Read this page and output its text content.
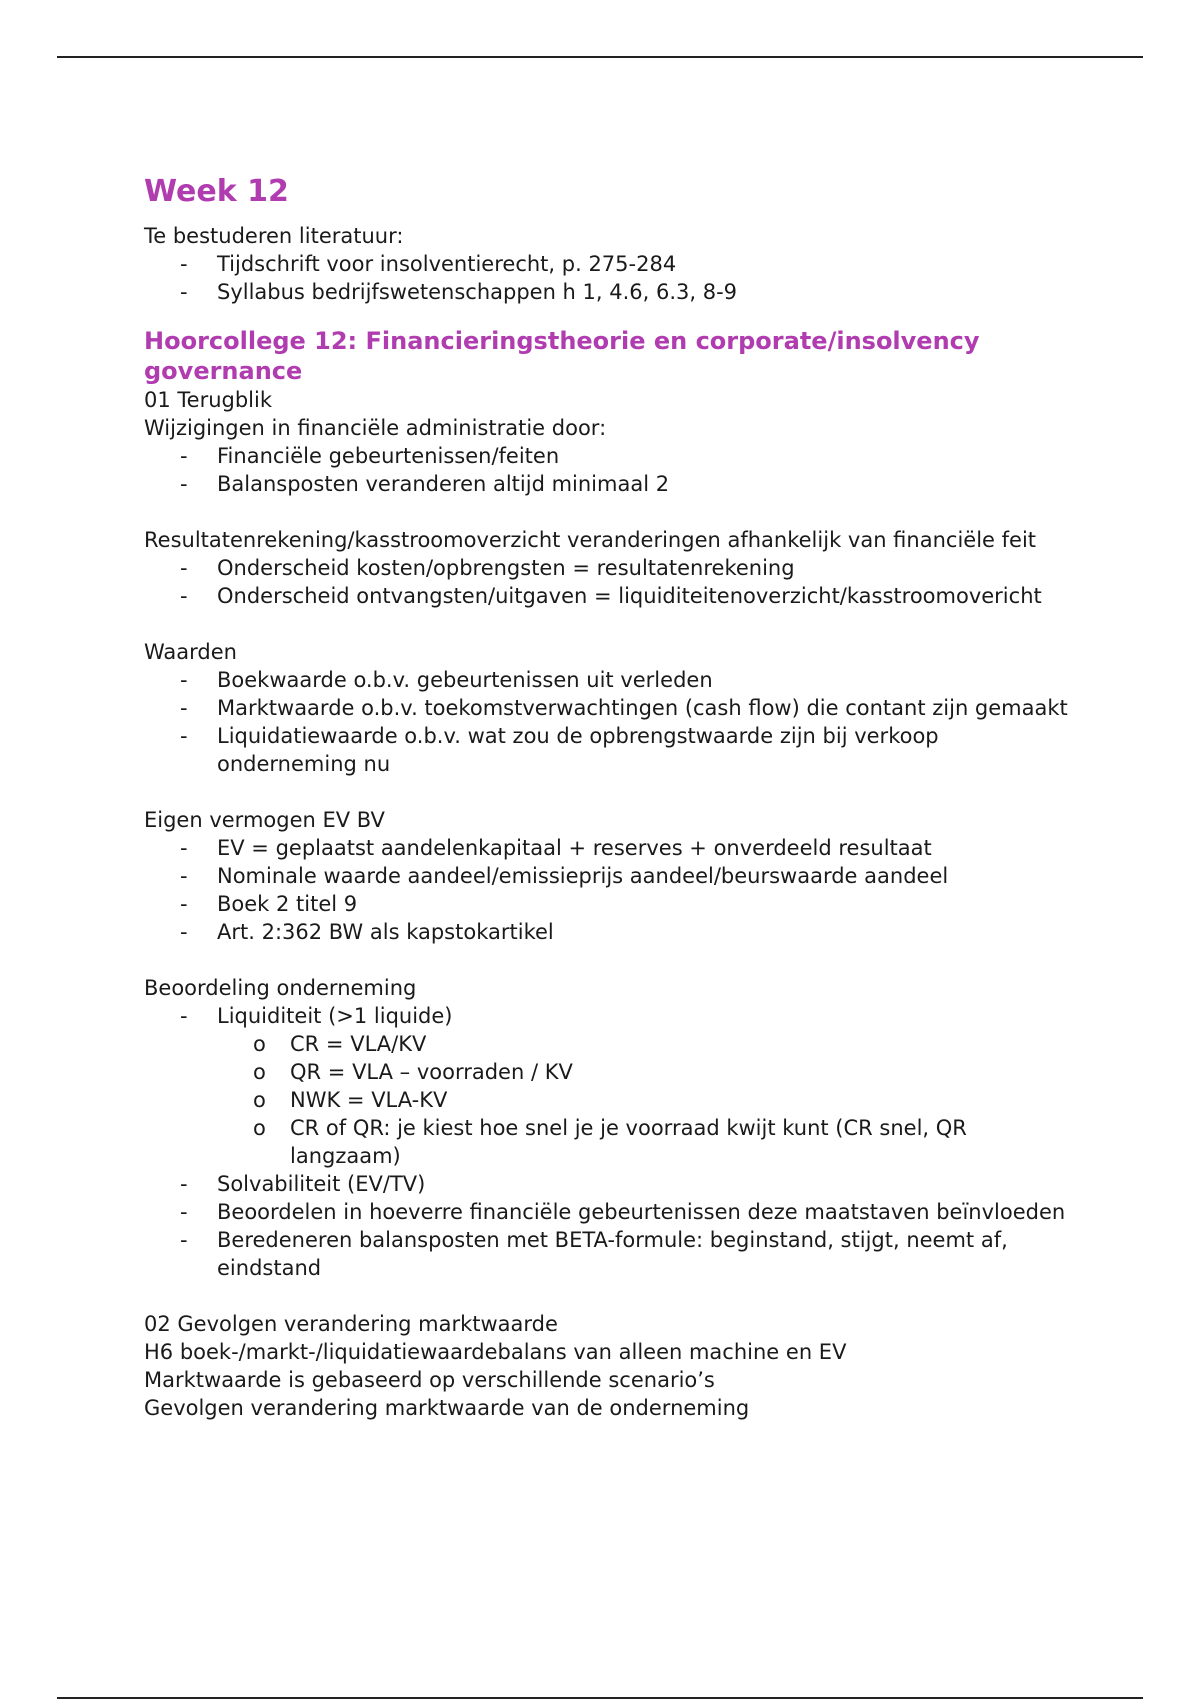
Week 12

Te bestuderen literatuur:

- Tijdschrift voor insolventierecht, p. 275-284
- Syllabus bedrijfswetenschappen h 1, 4.6, 6.3, 8-9
Hoorcollege 12: Financieringstheorie en corporate/insolvency governance

01 Terugblik

Wijzigingen in financiële administratie door:

- Financiële gebeurtenissen/feiten
- Balansposten veranderen altijd minimaal 2

Resultatenrekening/kasstroomoverzicht veranderingen afhankelijk van financiële feit

- Onderscheid kosten/opbrengsten = resultatenrekening
- Onderscheid ontvangsten/uitgaven = liquiditeitenoverzicht/kasstroomovericht

Waarden

- Boekwaarde o.b.v. gebeurtenissen uit verleden
- Marktwaarde o.b.v. toekomstverwachtingen (cash flow) die contant zijn gemaakt
- Liquidatiewaarde o.b.v. wat zou de opbrengstwaarde zijn bij verkoop onderneming nu

Eigen vermogen EV BV

- EV = geplaatst aandelenkapitaal + reserves + onverdeeld resultaat
- Nominale waarde aandeel/emissieprijs aandeel/beurswaarde aandeel
- Boek 2 titel 9
- Art. 2:362 BW als kapstokartikel

Beoordeling onderneming

- Liquiditeit (>1 liquide)
o CR = VLA/KV
o QR = VLA – voorraden / KV
o NWK = VLA-KV
o CR of QR: je kiest hoe snel je je voorraad kwijt kunt (CR snel, QR langzaam)
- Solvabiliteit (EV/TV)
- Beoordelen in hoeverre financiële gebeurtenissen deze maatstaven beïnvloeden
- Beredeneren balansposten met BETA-formule: beginstand, stijgt, neemt af, eindstand

02 Gevolgen verandering marktwaarde

H6 boek-/markt-/liquidatiewaardebalans van alleen machine en EV

Marktwaarde is gebaseerd op verschillende scenario’s

Gevolgen verandering marktwaarde van de onderneming
